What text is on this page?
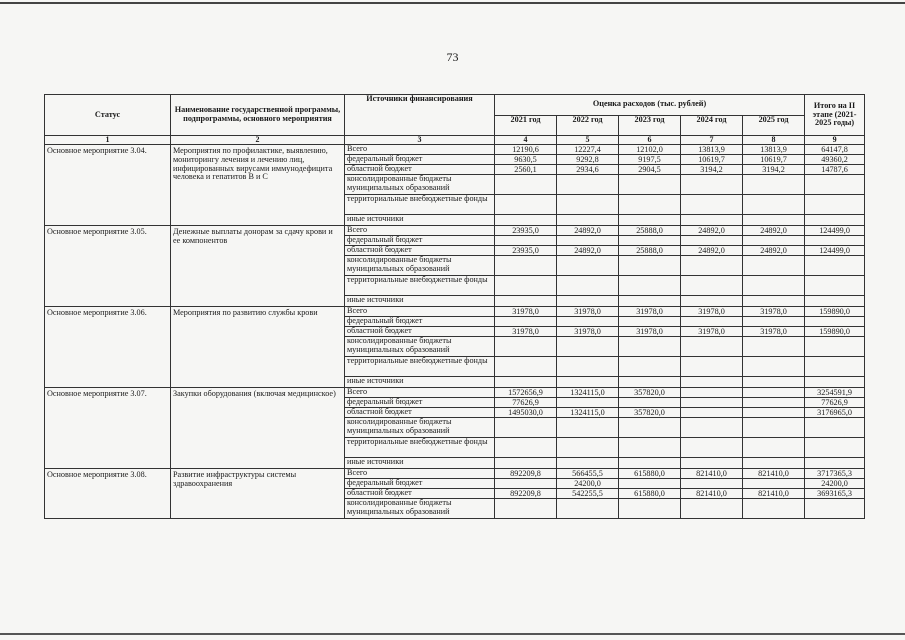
73
Статус	Наименование государственной программы, подпрограммы, основного мероприятия	Источники финансирования	Оценка расходов (тыс. рублей)					Итого на II этапе (2021-2025 годы)
			2021 год	2022 год	2023 год	2024 год	2025 год	
1	2	3	4	5	6	7	8	9
Основное мероприятие 3.04.	Мероприятия по профилактике, выявлению, мониторингу лечения и лечению лиц, инфицированных вирусами иммунодефицита человека и гепатитов B и C	Всего	12190,6	12227,4	12102,0	13813,9	13813,9	64147,8
		федеральный бюджет	9630,5	9292,8	9197,5	10619,7	10619,7	49360,2
		областной бюджет	2560,1	2934,6	2904,5	3194,2	3194,2	14787,6
		консолидированные бюджеты муниципальных образований						
		территориальные внебюджетные фонды						
		иные источники						
Основное мероприятие 3.05.	Денежные выплаты донорам за сдачу крови и ее компонентов	Всего	23935,0	24892,0	25888,0	24892,0	24892,0	124499,0
		федеральный бюджет						
		областной бюджет	23935,0	24892,0	25888,0	24892,0	24892,0	124499,0
		консолидированные бюджеты муниципальных образований						
		территориальные внебюджетные фонды						
		иные источники						
Основное мероприятие 3.06.	Мероприятия по развитию службы крови	Всего	31978,0	31978,0	31978,0	31978,0	31978,0	159890,0
		федеральный бюджет						
		областной бюджет	31978,0	31978,0	31978,0	31978,0	31978,0	159890,0
		консолидированные бюджеты муниципальных образований						
		территориальные внебюджетные фонды						
		иные источники						
Основное мероприятие 3.07.	Закупки оборудования (включая медицинское)	Всего	1572656,9	1324115,0	357820,0			3254591,9
		федеральный бюджет	77626,9					77626,9
		областной бюджет	1495030,0	1324115,0	357820,0			3176965,0
		консолидированные бюджеты муниципальных образований						
		территориальные внебюджетные фонды						
		иные источники						
Основное мероприятие 3.08.	Развитие инфраструктуры системы здравоохранения	Всего	892209,8	566455,5	615880,0	821410,0	821410,0	3717365,3
		федеральный бюджет		24200,0				24200,0
		областной бюджет	892209,8	542255,5	615880,0	821410,0	821410,0	3693165,3
		консолидированные бюджеты муниципальных образований						
